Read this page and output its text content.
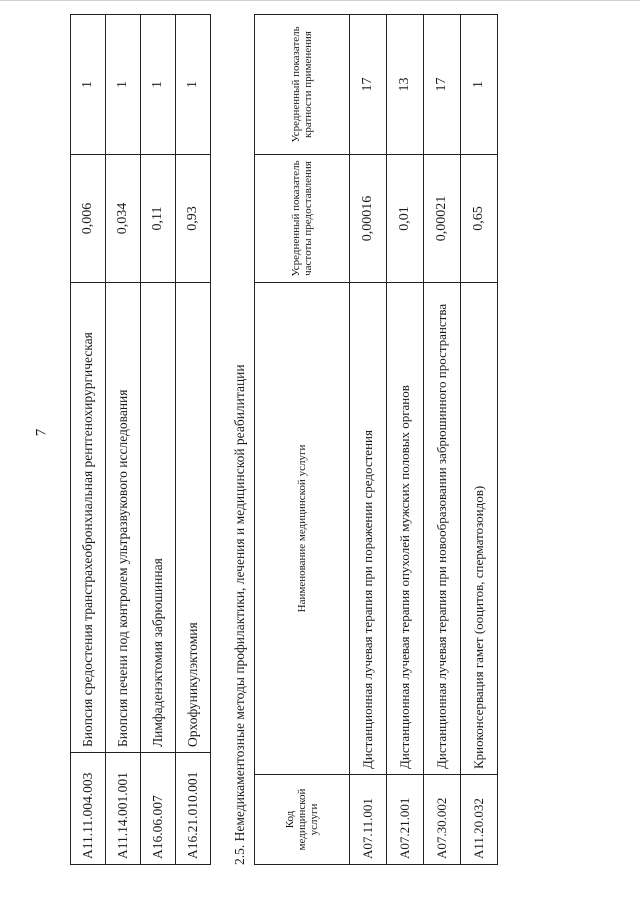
7
A11.11.004.003	Биопсия средостения транстрахеобронхиальная рентгенохирургическая	0,006	1
A11.14.001.001	Биопсия печени под контролем ультразвукового исследования	0,034	1
A16.06.007	Лимфаденэктомия забрюшинная	0,11	1
A16.21.010.001	Орхофуникулэктомия	0,93	1
2.5. Немедикаментозные методы профилактики, лечения и медицинской реабилитации	Код медицинской услуги	Наименование медицинской услуги	Усредненный показатель частоты предоставления	Усредненный показатель кратности применения
A07.11.001	Дистанционная лучевая терапия при поражении средостения	0,00016	17
A07.21.001	Дистанционная лучевая терапия опухолей мужских половых органов	0,01	13
A07.30.002	Дистанционная лучевая терапия при новообразовании забрюшинного пространства	0,00021	17
A11.20.032	Криоконсервация гамет (ооцитов, сперматозоидов)	0,65	1
